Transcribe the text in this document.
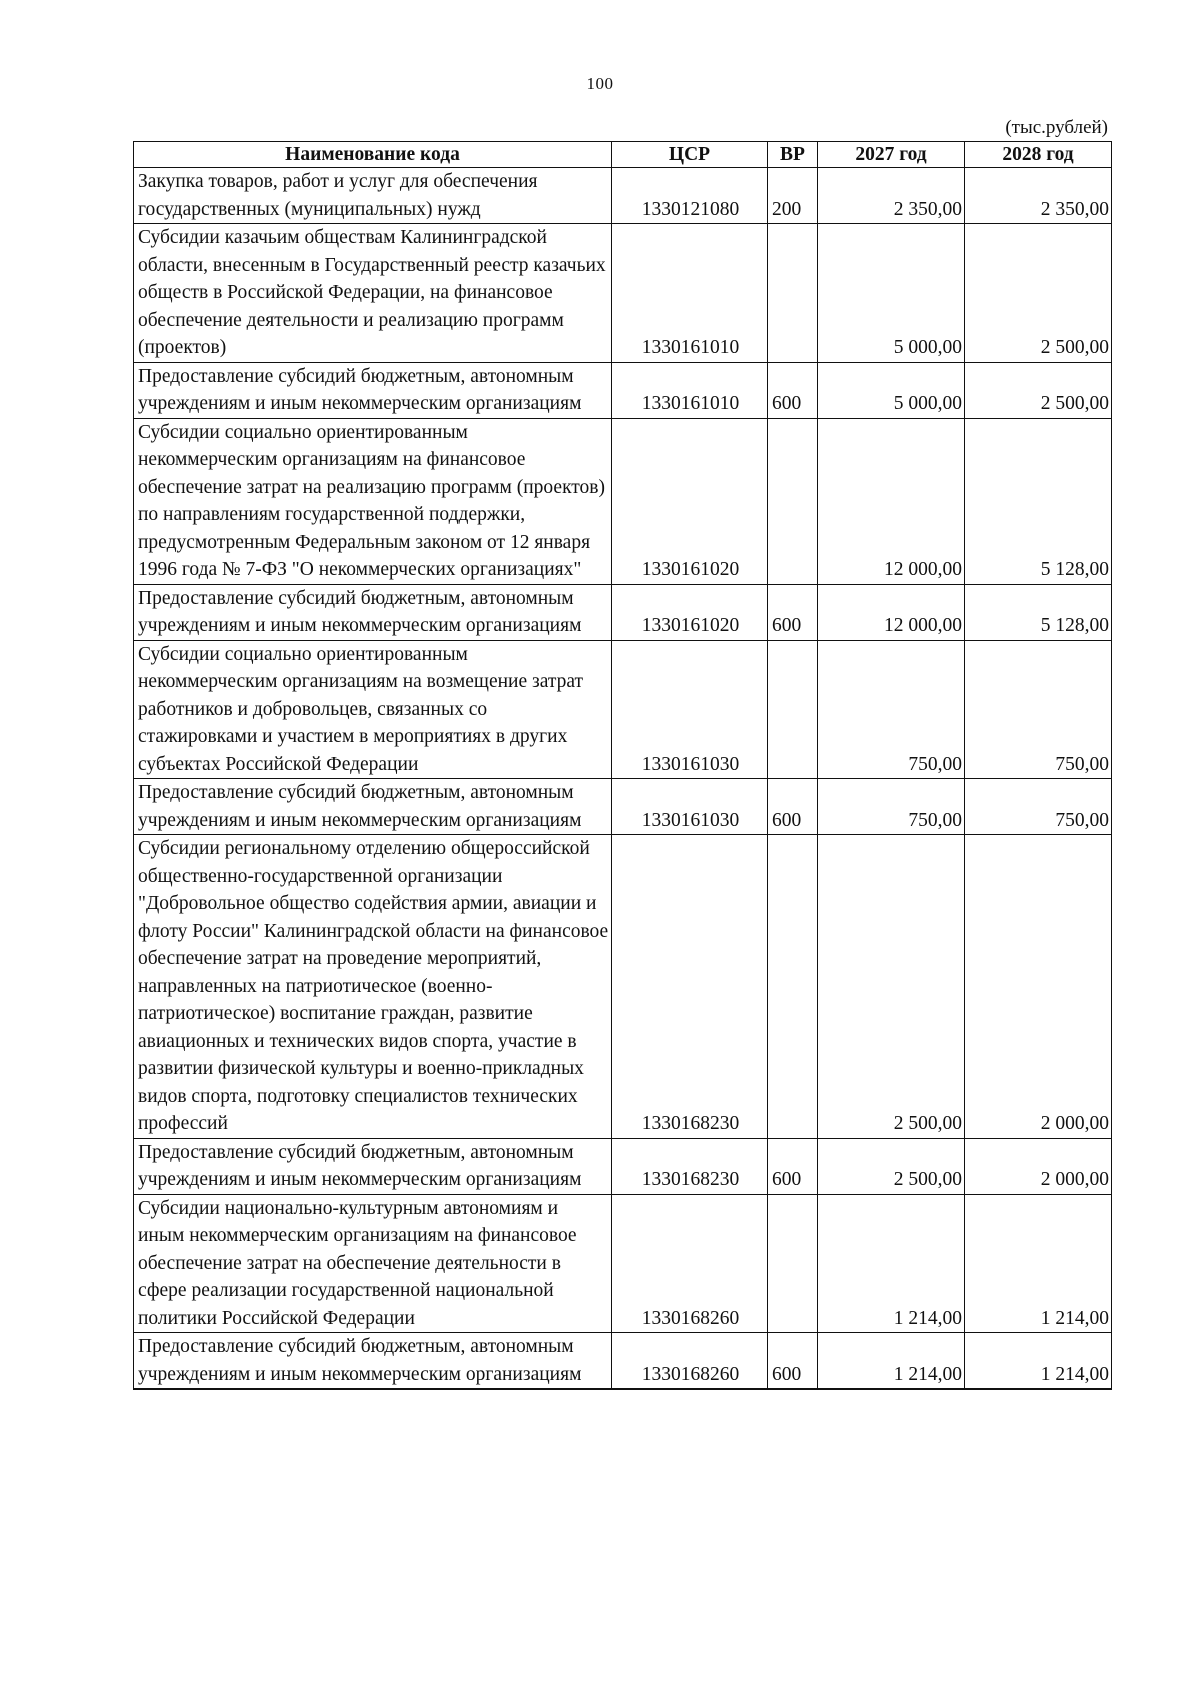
100
(тыс.рублей)
Наименование кода	ЦСР	ВР	2027 год	2028 год
Закупка товаров, работ и услуг для обеспечения государственных (муниципальных) нужд	1330121080	200	2 350,00	2 350,00
Субсидии казачьим обществам Калининградской области, внесенным в Государственный реестр казачьих обществ в Российской Федерации, на финансовое обеспечение деятельности и реализацию программ (проектов)	1330161010		5 000,00	2 500,00
Предоставление субсидий бюджетным, автономным учреждениям и иным некоммерческим организациям	1330161010	600	5 000,00	2 500,00
Субсидии социально ориентированным некоммерческим организациям на финансовое обеспечение затрат на реализацию программ (проектов) по направлениям государственной поддержки, предусмотренным Федеральным законом от 12 января 1996 года № 7-ФЗ "О некоммерческих организациях"	1330161020		12 000,00	5 128,00
Предоставление субсидий бюджетным, автономным учреждениям и иным некоммерческим организациям	1330161020	600	12 000,00	5 128,00
Субсидии социально ориентированным некоммерческим организациям на возмещение затрат работников и добровольцев, связанных со стажировками и участием в мероприятиях в других субъектах Российской Федерации	1330161030		750,00	750,00
Предоставление субсидий бюджетным, автономным учреждениям и иным некоммерческим организациям	1330161030	600	750,00	750,00
Субсидии региональному отделению общероссийской общественно-государственной организации "Добровольное общество содействия армии, авиации и флоту России" Калининградской области на финансовое обеспечение затрат на проведение мероприятий, направленных на патриотическое (военно-патриотическое) воспитание граждан, развитие авиационных и технических видов спорта, участие в развитии физической культуры и военно-прикладных видов спорта, подготовку специалистов технических профессий	1330168230		2 500,00	2 000,00
Предоставление субсидий бюджетным, автономным учреждениям и иным некоммерческим организациям	1330168230	600	2 500,00	2 000,00
Субсидии национально-культурным автономиям и иным некоммерческим организациям на финансовое обеспечение затрат на обеспечение деятельности в сфере реализации государственной национальной политики Российской Федерации	1330168260		1 214,00	1 214,00
Предоставление субсидий бюджетным, автономным учреждениям и иным некоммерческим организациям	1330168260	600	1 214,00	1 214,00
